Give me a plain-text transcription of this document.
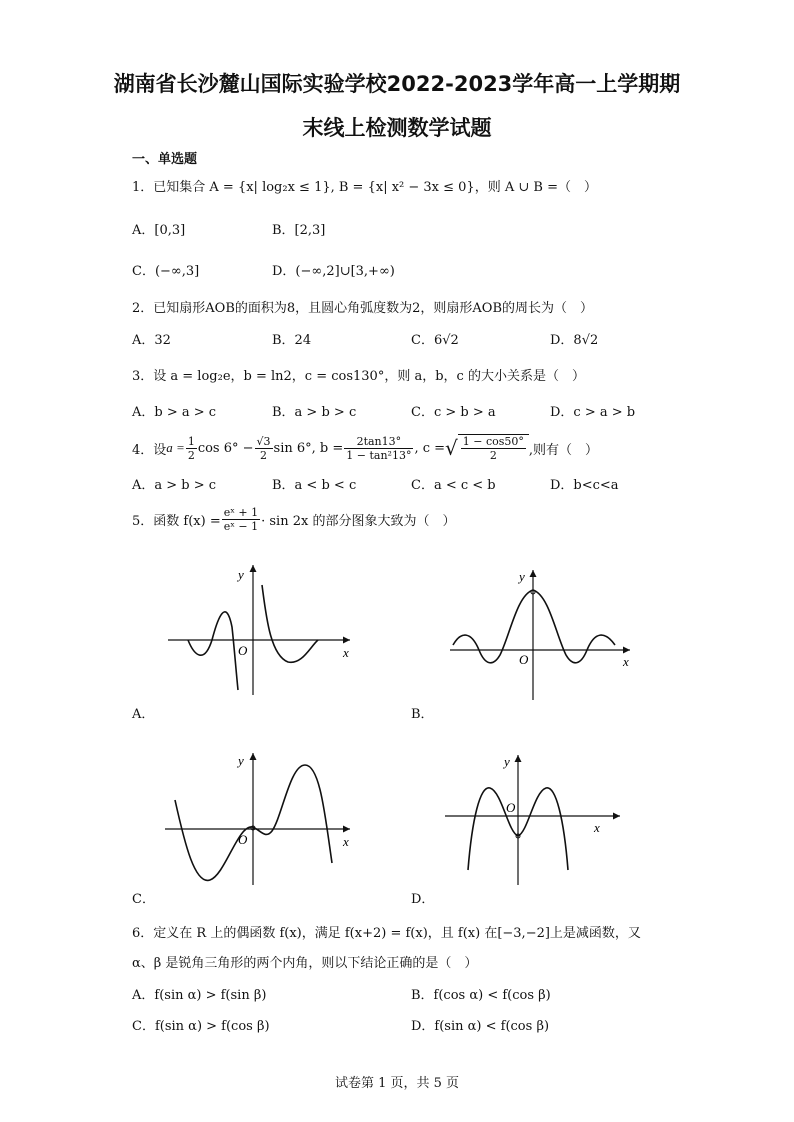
湖南省长沙麓山国际实验学校2022-2023学年高一上学期期
末线上检测数学试题
一、单选题
1．已知集合 A = {x| log₂x ≤ 1}, B = {x| x² − 3x ≤ 0}，则 A ∪ B =（　）
A．[0,3]	B．[2,3]
C．(−∞,3]	D．(−∞,2]∪[3,+∞)
2．已知扇形AOB的面积为8，且圆心角弧度数为2，则扇形AOB的周长为（　）
A．32	B．24	C．6√2	D．8√2
3．设 a = log₂e，b = ln2，c = cos130°，则 a，b，c 的大小关系是（　）
A．b > a > c	B．a > b > c	C．c > b > a	D．c > a > b
4．设 $a = \frac{1}{2}$ $\cos 6^\circ - \frac{√3}{2}$ sin 6°, $b = \frac{2\tan 13^\circ}{\text{1 − tan²13°}}$ , c = √ $\frac{1 - \cos 50^\circ}{2}$ ,则有（　）
A．a > b > c	B．a < b < c	C．a < c < b	D．b<c<a
5．函数 $f(x) = \frac{\text{eˣ + 1}}{\text{eˣ − 1}} \cdot \sin 2x$ 的部分图象大致为（　）
y
x
O
A．
y
x
O
B．
y
x
O
C．
y
x
O
D．
6．定义在 R 上的偶函数 f(x)，满足 f(x+2) = f(x)，且 f(x) 在[−3,−2]上是减函数，又
α、β 是锐角三角形的两个内角，则以下结论正确的是（　）
A．f(sin α) > f(sin β)	B．f(cos α) < f(cos β)
C．f(sin α) > f(cos β)	D．f(sin α) < f(cos β)
试卷第 1 页，共 5 页
